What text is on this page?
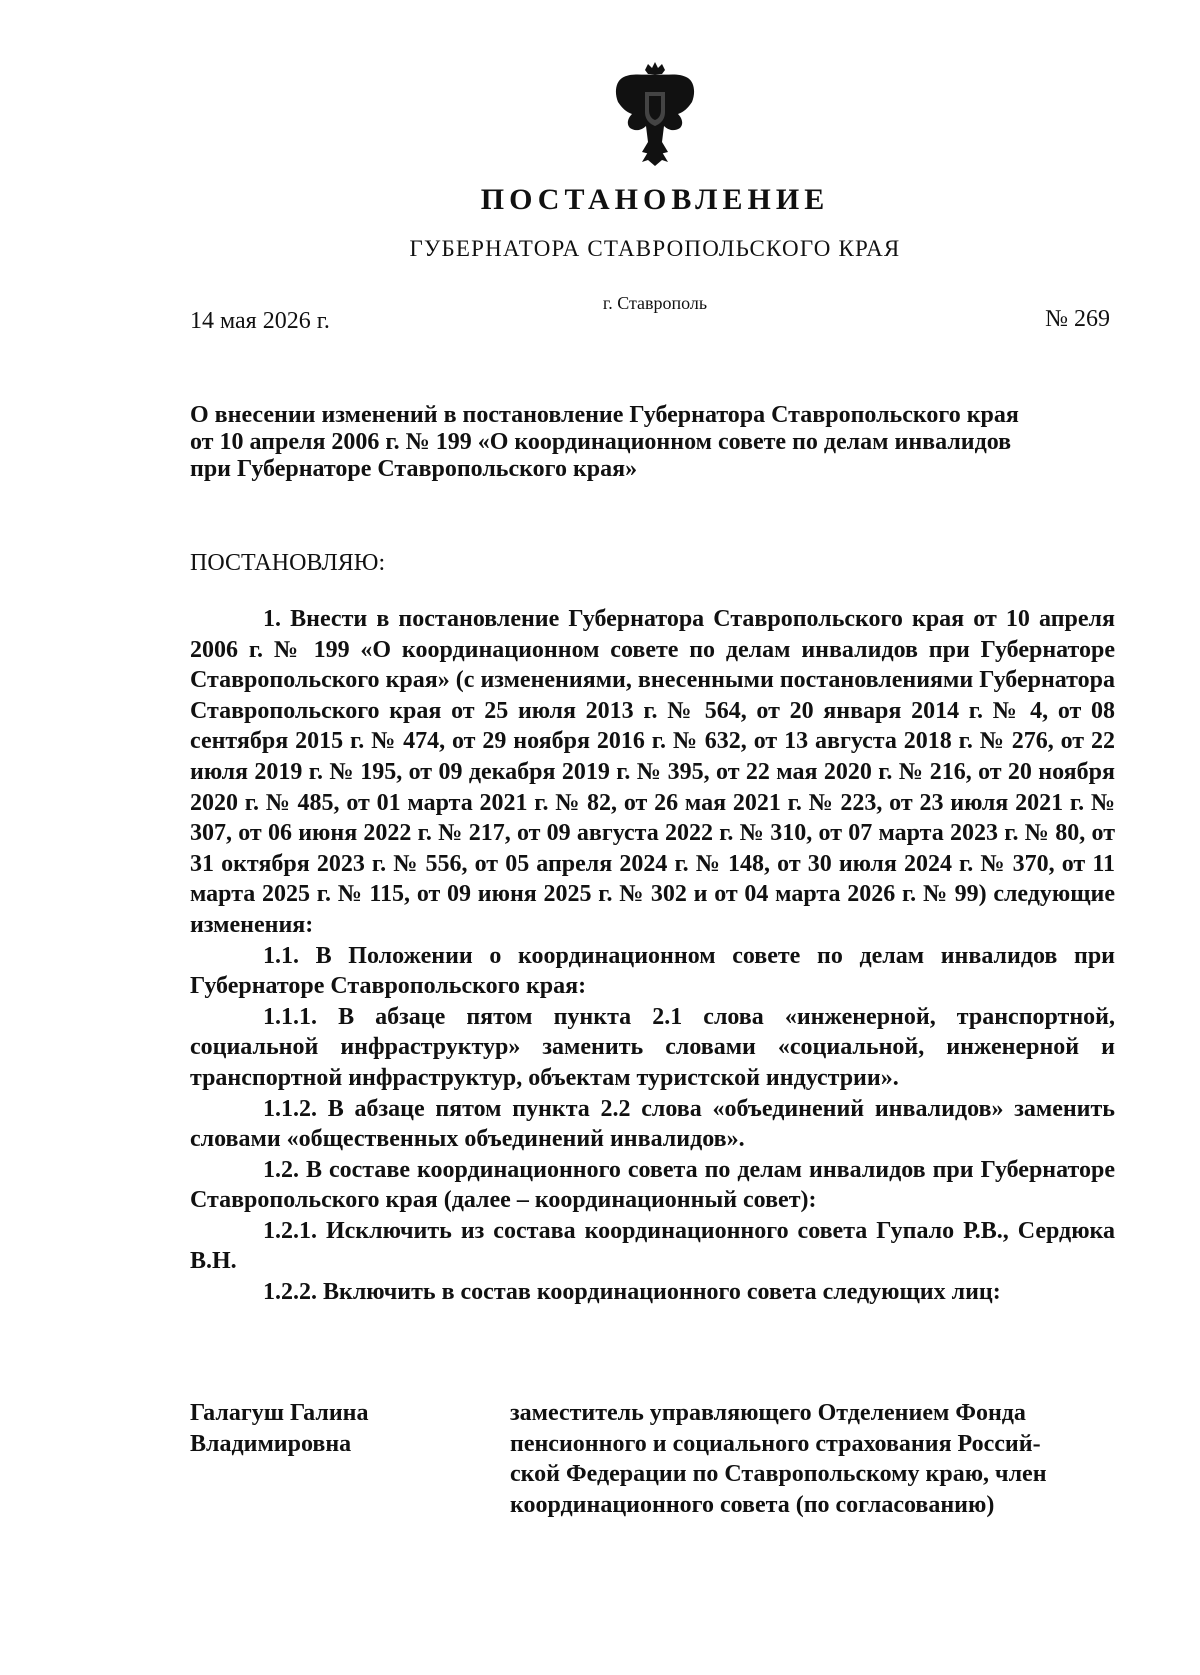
ПОСТАНОВЛЕНИЕ
ГУБЕРНАТОРА СТАВРОПОЛЬСКОГО КРАЯ
г. Ставрополь
14 мая 2026 г.	№ 269
О внесении изменений в постановление Губернатора Ставропольского края
от 10 апреля 2006 г. № 199 «О координационном совете по делам инвалидов
при Губернаторе Ставропольского края»
ПОСТАНОВЛЯЮ:

1. Внести в постановление Губернатора Ставропольского края от 10 апреля 2006 г. № 199 «О координационном совете по делам инвалидов при Губернаторе Ставропольского края» (с изменениями, внесенными постановлениями Губернатора Ставропольского края от 25 июля 2013 г. № 564, от 20 января 2014 г. № 4, от 08 сентября 2015 г. № 474, от 29 ноября 2016 г. № 632, от 13 августа 2018 г. № 276, от 22 июля 2019 г. № 195, от 09 декабря 2019 г. № 395, от 22 мая 2020 г. № 216, от 20 ноября 2020 г. № 485, от 01 марта 2021 г. № 82, от 26 мая 2021 г. № 223, от 23 июля 2021 г. № 307, от 06 июня 2022 г. № 217, от 09 августа 2022 г. № 310, от 07 марта 2023 г. № 80, от 31 октября 2023 г. № 556, от 05 апреля 2024 г. № 148, от 30 июля 2024 г. № 370, от 11 марта 2025 г. № 115, от 09 июня 2025 г. № 302 и от 04 марта 2026 г. № 99) следующие изменения:

1.1. В Положении о координационном совете по делам инвалидов при Губернаторе Ставропольского края:

1.1.1. В абзаце пятом пункта 2.1 слова «инженерной, транспортной, социальной инфраструктур» заменить словами «социальной, инженерной и транспортной инфраструктур, объектам туристской индустрии».

1.1.2. В абзаце пятом пункта 2.2 слова «объединений инвалидов» заменить словами «общественных объединений инвалидов».

1.2. В составе координационного совета по делам инвалидов при Губернаторе Ставропольского края (далее – координационный совет):

1.2.1. Исключить из состава координационного совета Гупало Р.В., Сердюка В.Н.

1.2.2. Включить в состав координационного совета следующих лиц:

Галагуш Галина
Владимировна
заместитель управляющего Отделением Фонда
пенсионного и социального страхования Россий-
ской Федерации по Ставропольскому краю, член
координационного совета (по согласованию)
